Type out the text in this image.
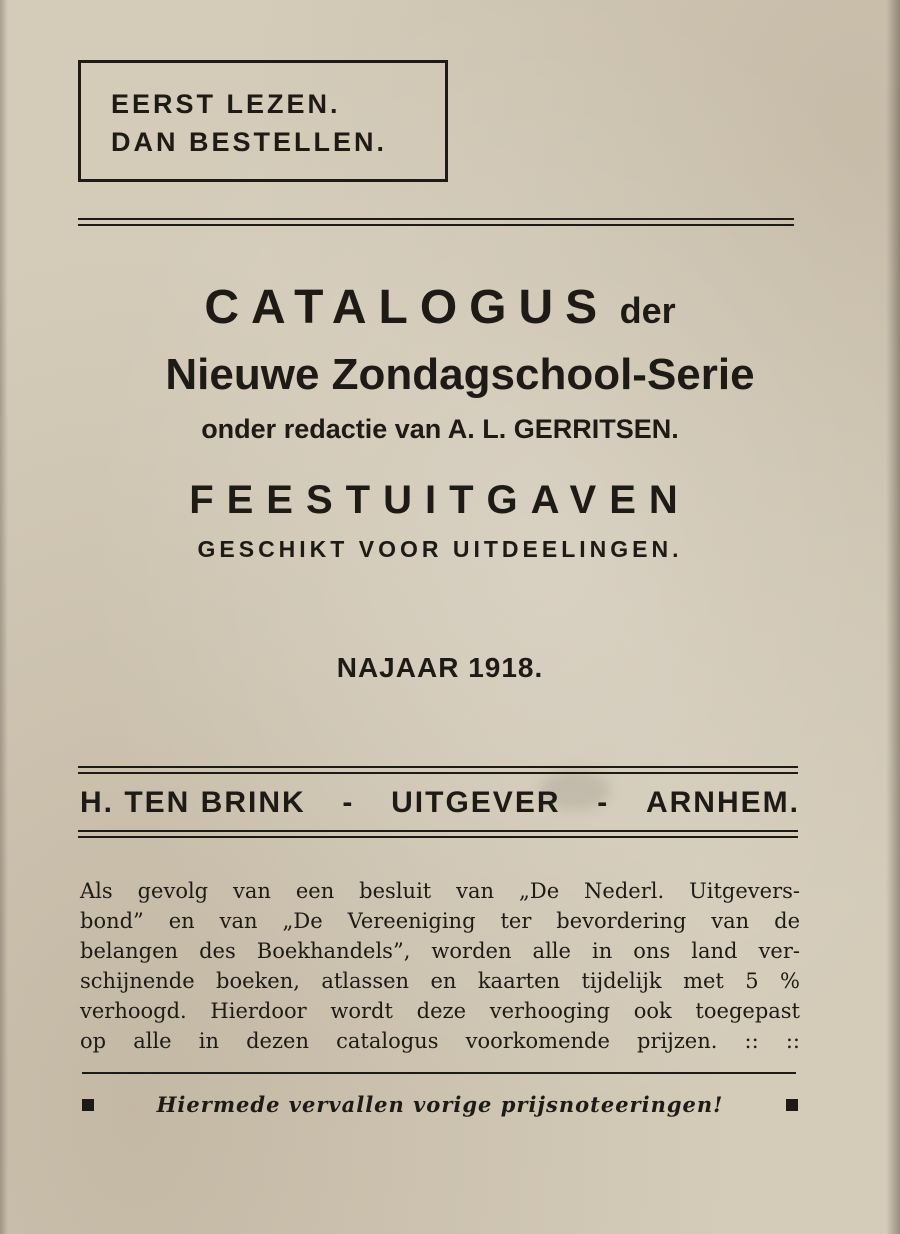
EERST LEZEN.
DAN BESTELLEN.
CATALOGUS der
Nieuwe Zondagschool-Serie
onder redactie van A. L. GERRITSEN.
FEESTUITGAVEN
GESCHIKT VOOR UITDEELINGEN.
NAJAAR 1918.
H. TEN BRINK - UITGEVER - ARNHEM.
Als gevolg van een besluit van „De Nederl. Uitgevers-
bond” en van „De Vereeniging ter bevordering van de
belangen des Boekhandels”, worden alle in ons land ver-
schijnende boeken, atlassen en kaarten tijdelijk met 5 %
verhoogd. Hierdoor wordt deze verhooging ook toegepast
op alle in dezen catalogus voorkomende prijzen. :: ::
Hiermede vervallen vorige prijsnoteeringen!
